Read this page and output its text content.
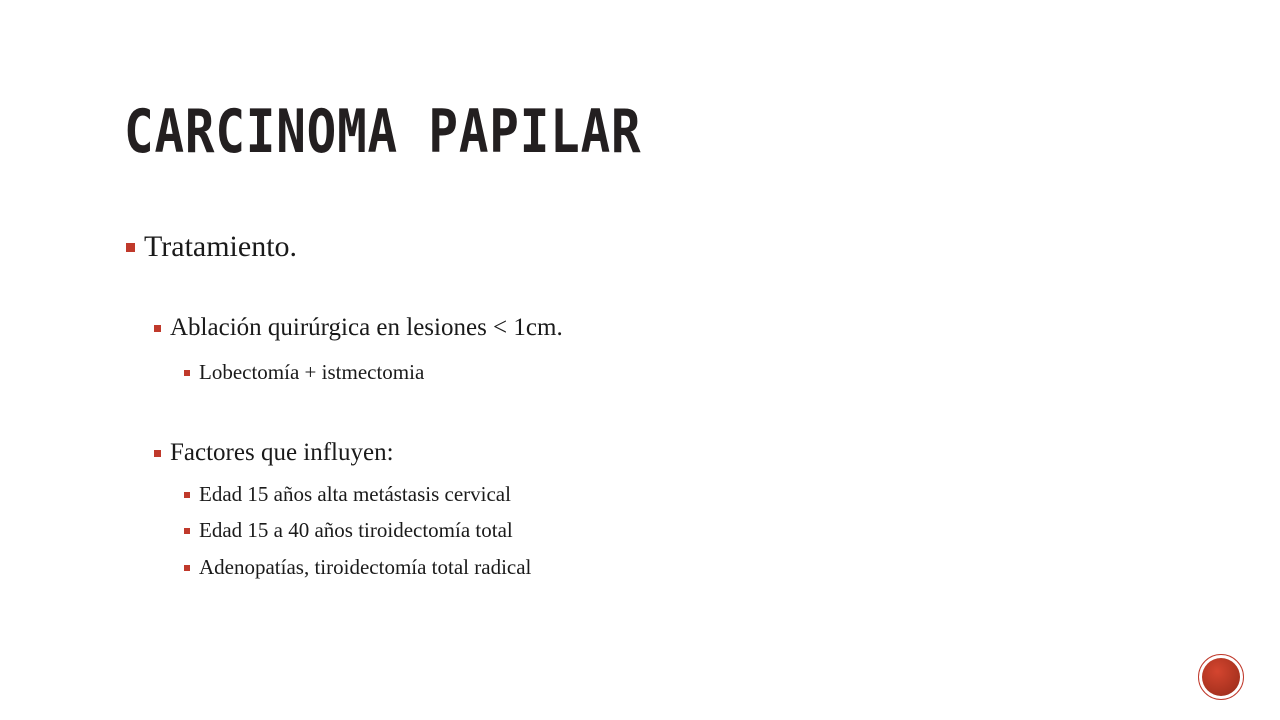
CARCINOMA PAPILAR
Tratamiento.
Ablación quirúrgica en lesiones < 1cm.
Lobectomía + istmectomia
Factores que influyen:
Edad 15 años alta metástasis cervical
Edad 15 a 40 años tiroidectomía total
Adenopatías, tiroidectomía total radical
